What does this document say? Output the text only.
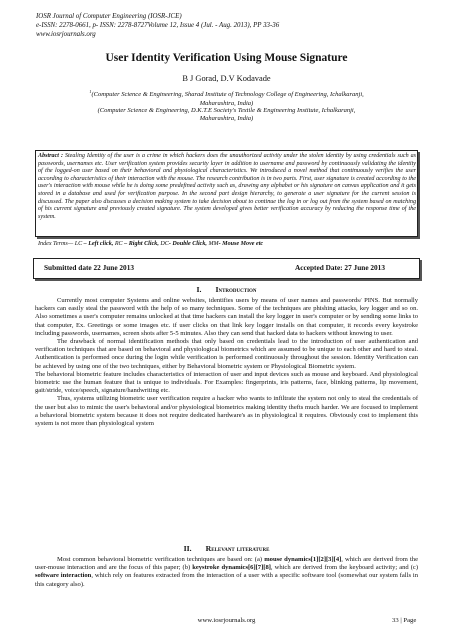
IOSR Journal of Computer Engineering (IOSR-JCE)
e-ISSN: 2278-0661, p- ISSN: 2278-8727Volume 12, Issue 4 (Jul. - Aug. 2013), PP 33-36
www.iosrjournals.org
User Identity Verification Using Mouse Signature
B J Gorad, D.V Kodavade
$^1$(Computer Science & Engineering, Sharad Institute of Technology College of Engineering, Ichalkaranji,
Maharashtra, India)
(Computer Science & Engineering, D.K.T.E Society's Textile & Engineering Institute, Ichalkaranji,
Maharashtra, India)
Abstract : Stealing Identity of the user is a crime in which hackers does the unauthorized activity under the stolen identity by using credentials such as passwords, usernames etc. User verification system provides security layer in addition to username and password by continuously validating the identity of the logged-on user based on their behavioral and physiological characteristics. We introduced a novel method that continuously verifies the user according to characteristics of their interaction with the mouse. The research contribution is in two parts. First, user signature is created according to the user's interaction with mouse while he is doing some predefined activity such as, drawing any alphabet or his signature on canvas application and it gets stored in a database and used for verification purpose. In the second part design hierarchy, to generate a user signature for the current session is discussed. The paper also discusses a decision making system to take decision about to continue the log in or log out from the system based on matching of his current signature and previously created signature. The system developed gives better verification accuracy by reducing the response time of the system.
Index Terms— LC – Left click, RC – Right Click, DC- Double Click, MM- Mouse Move etc
Submitted date 22 June 2013	Accepted Date: 27 June 2013
I. Introduction

Currently most computer Systems and online websites, identifies users by means of user names and passwords/ PINS. But normally hackers can easily steal the password with the help of so many techniques. Some of the techniques are phishing attacks, key logger and so on. Also sometimes a user's computer remains unlocked at that time hackers can install the key logger in user's computer or by sending some links to that computer, Ex. Greetings or some images etc. if user clicks on that link key logger installs on that computer, it records every keystroke including passwords, usernames, screen shots after 5-5 minutes. Also they can send that hacked data to hackers without knowing to user.

The drawback of normal identification methods that only based on credentials lead to the introduction of user authentication and verification techniques that are based on behavioral and physiological biometrics which are assumed to be unique to each other and hard to steal. Authentication is performed once during the login while verification is performed continuously throughout the session. Identity Verification can be achieved by using one of the two techniques, either by Behavioral biometric system or Physiological Biometric system.

The behavioral biometric feature includes characteristics of interaction of user and input devices such as mouse and keyboard. And physiological biometric use the human feature that is unique to individuals. For Examples: fingerprints, iris patterns, face, blinking patterns, lip movement, gait/stride, voice/speech, signature/handwriting etc.

Thus, systems utilizing biometric user verification require a hacker who wants to infiltrate the system not only to steal the credentials of the user but also to mimic the user's behavioral and/or physiological biometrics making identity thefts much harder. We are focused to implement a behavioral biometric system because it does not require dedicated hardware's as in physiological it requires. Obviously cost to implement this system is not more than physiological system

II. Relevant literature

Most common behavioral biometric verification techniques are based on: (a) mouse dynamics[1][2][3][4], which are derived from the user-mouse interaction and are the focus of this paper; (b) keystroke dynamics[6][7][8], which are derived from the keyboard activity; and (c) software interaction, which rely on features extracted from the interaction of a user with a specific software tool (somewhat our system falls in this category also).

www.iosrjournals.org	33 | Page
